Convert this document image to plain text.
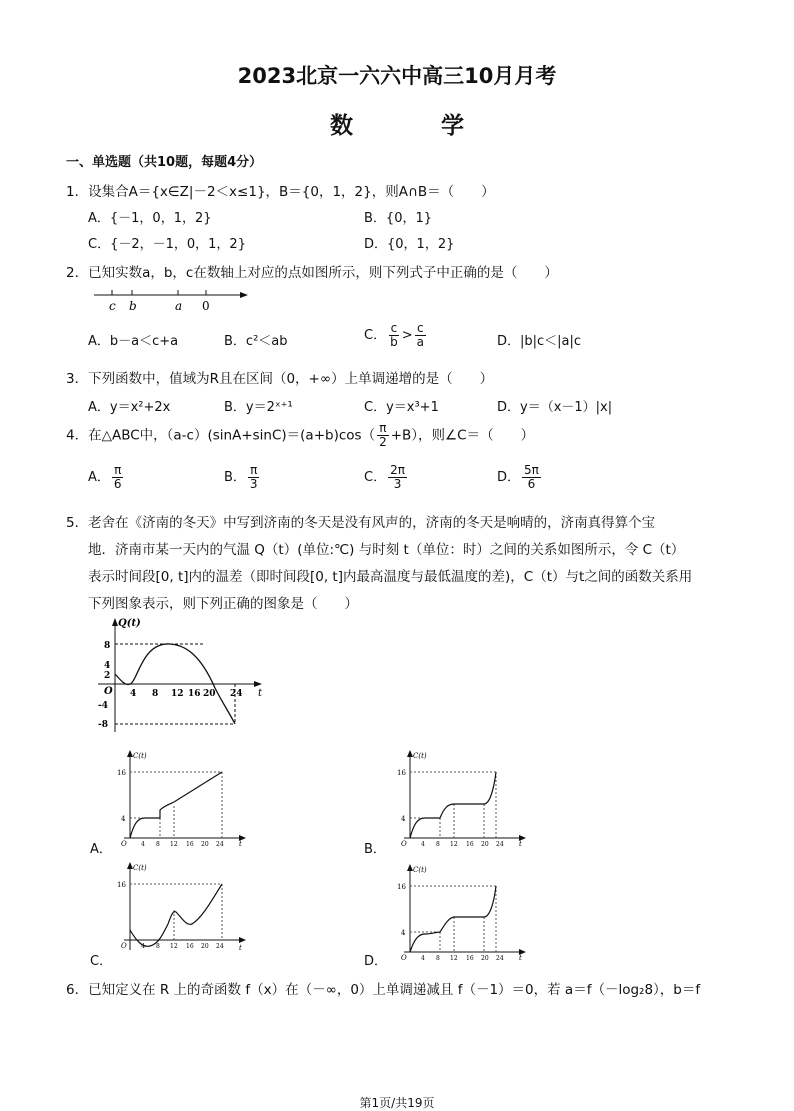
2023北京一六六中高三10月月考
数 学
一、单选题（共10题，每题4分）
1．设集合A＝{x∈Z|－2＜x≤1}，B＝{0，1，2}，则A∩B＝（　　）
A．{－1，0，1，2}	B．{0，1}
C．{－2，－1，0，1，2}	D．{0，1，2}
2．已知实数a，b，c在数轴上对应的点如图所示，则下列式子中正确的是（　　）
c b	a 0
A．b－a＜c+a	B．c²＜ab	C． $\frac{c}{b} > \frac{c}{a}$	D．|b|c＜|a|c
3．下列函数中，值域为R且在区间（0，+∞）上单调递增的是（　　）
A．y＝x²+2x	B．y＝2ˣ⁺¹	C．y＝x³+1	D．y＝（x－1）|x|
4．在△ABC中，$(a-c)(\sin A+\sin C)=(a+b)\cos( \frac{\pi}{2} +B)$，则∠C＝（　　）
A． $\frac{\pi}{6}$	B． $\frac{\pi}{3}$	C． $\frac{2\pi}{3}$	D． $\frac{5\pi}{6}$
5．老舍在《济南的冬天》中写到济南的冬天是没有风声的，济南的冬天是响晴的，济南真得算个宝
地．济南市某一天内的气温 Q（t）(单位:℃) 与时刻 t（单位：时）之间的关系如图所示，令 C（t）
表示时间段[0, t]内的温差（即时间段[0, t]内最高温度与最低温度的差)，C（t）与t之间的函数关系用
下列图象表示，则下列正确的图象是（　　）
Q(t)
t
O
8
4
2
-4
-8
4 8 12 16 20 24
C(t)
t
O
16
4
4 8 12 16 20 24
A．
C(t)
t
O
16
4
4 8 12 16 20 24
B．
C(t)
t
O
16
4 8 12 16 20 24
C．
C(t)
t
O
16
4
4 8 12 16 20 24
D．
6．已知定义在 R 上的奇函数 f（x）在（－∞，0）上单调递减且 f（－1）＝0，若 a＝f（－log₂8），b＝f
第1页/共19页
